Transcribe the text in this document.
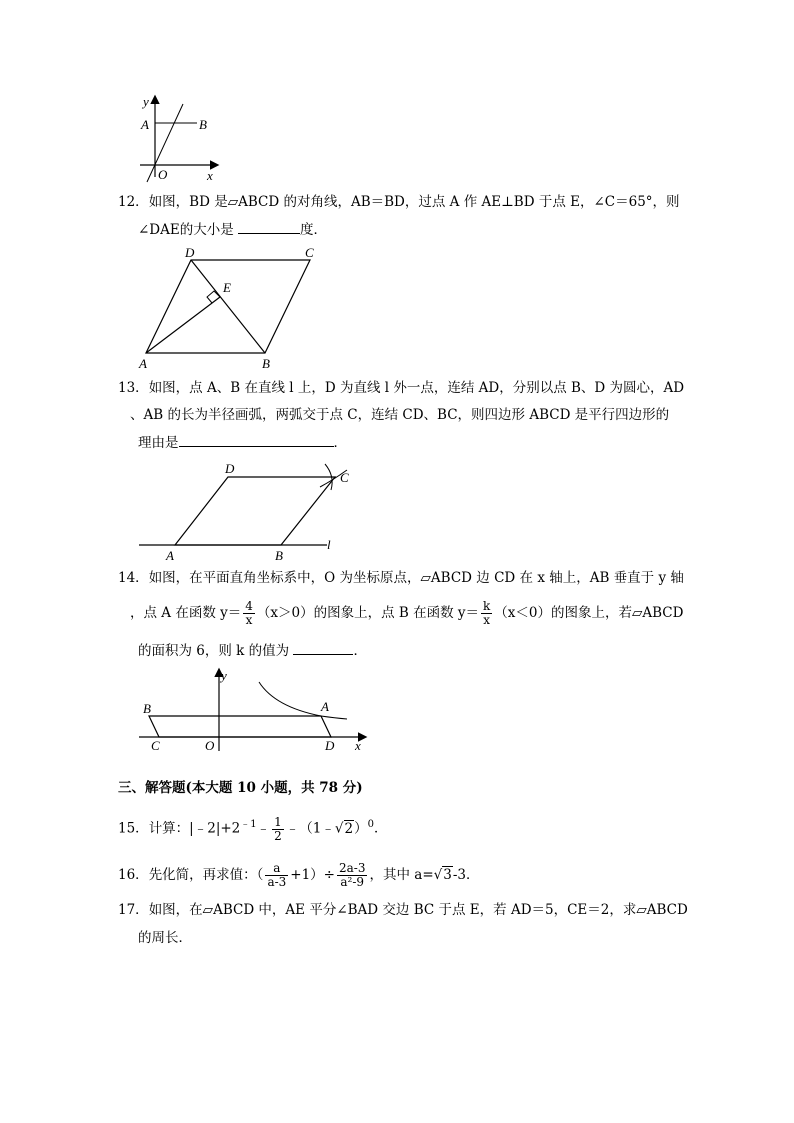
y
A	B
O	x
12．如图，BD 是▱ABCD 的对角线，AB＝BD，过点 A 作 AE⊥BD 于点 E，∠C＝65°，则
∠DAE的大小是	度．
D	C
E
A	B
13．如图，点 A、B 在直线 l 上，D 为直线 l 外一点，连结 AD，分别以点 B、D 为圆心，AD
、AB 的长为半径画弧，两弧交于点 C，连结 CD、BC，则四边形 ABCD 是平行四边形的
理由是	．
D
C
A	B
l
14．如图，在平面直角坐标系中，O 为坐标原点，▱ABCD 边 CD 在 x 轴上，AB 垂直于 y 轴
，点 A 在函数 $y= \frac{4}{x} (x>0)$的图象上，点 B 在函数 $y= \frac{k}{x} (x<0)$的图象上，若▱ABCD
的面积为 6，则 k 的值为	．
y
x
B	A
C	O	D
三、解答题(本大题 10 小题，共 78 分)
15．计算：$|﹣2|+2^{﹣1}﹣ \frac{1}{2}$ ﹣（1﹣√2）$^0$．
16．先化简，再求值：（ $\frac{a}{a-3} +1)\div \frac{2a-3}{\text{a²-9}}$ ，其中 a=√3-3．
17．如图，在▱ABCD 中，AE 平分∠BAD 交边 BC 于点 E，若 AD＝5，CE＝2，求▱ABCD
的周长．
